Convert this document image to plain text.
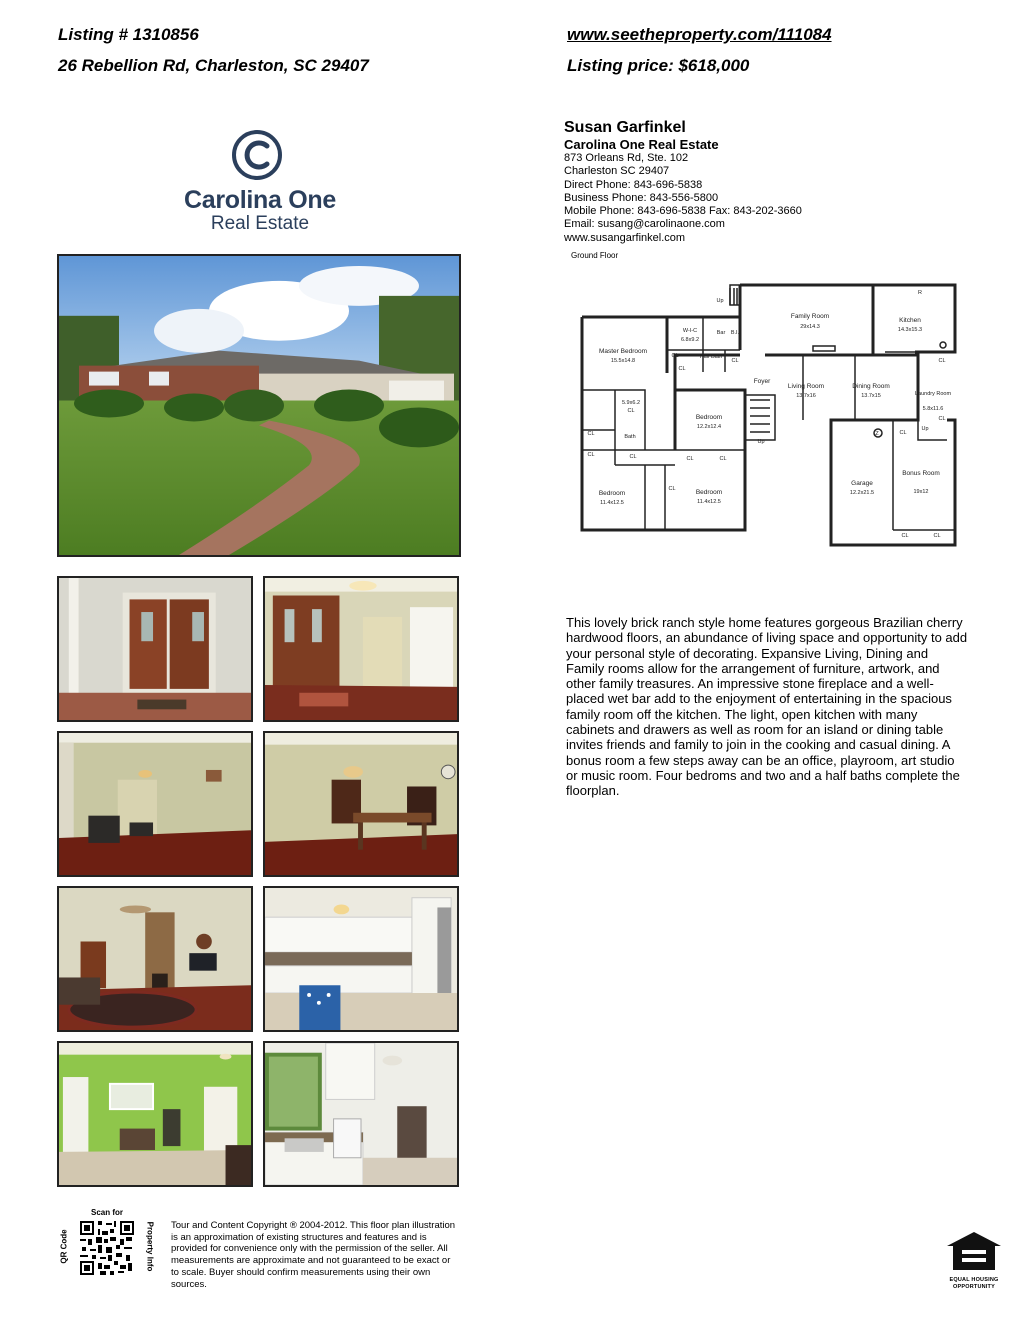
Listing # 1310856
26 Rebellion Rd, Charleston, SC 29407
www.seetheproperty.com/111084
Listing price: $618,000
Carolina One
Real Estate
Susan Garfinkel
Carolina One Real Estate
873 Orleans Rd, Ste. 102
Charleston SC 29407
Direct Phone: 843-696-5838
Business Phone: 843-556-5800
Mobile Phone: 843-696-5838 Fax: 843-202-3660
Email: susang@carolinaone.com
www.susangarfinkel.com
Ground Floor
Family Room
29x14.3
Kitchen
14.3x15.3
W-I-C
6.8x9.2
Bar B.I.
Master Bedroom
15.5x14.8
Half Bath
Foyer
Living Room
13.7x16
Dining Room
13.7x15	Laundry Room
5.8x11.6
5.9x6.2
CL
Bath
Bedroom
12.2x12.4
Bedroom
11.4x12.5
Bedroom
11.4x12.5
Garage
12.2x21.5
Bonus Room
19x12
CL
CL	CL
CL
CL
CL
CL	CL
CL
CL
CL
CL
CL	CL
Up
Up
Up
R
Z
This lovely brick ranch style home features gorgeous Brazilian cherry hardwood floors, an abundance of living space and opportunity to add your personal style of decorating. Expansive Living, Dining and Family rooms allow for the arrangement of furniture, artwork, and other family treasures. An impressive stone fireplace and a well-placed wet bar add to the enjoyment of entertaining in the spacious family room off the kitchen. The light, open kitchen with many cabinets and drawers as well as room for an island or dining table invites friends and family to join in the cooking and casual dining. A bonus room a few steps away can be an office, playroom, art studio or music room. Four bedroms and two and a half baths complete the floorplan.
Scan for
QR Code	Property Info Tour and Content Copyright ® 2004-2012. This floor plan illustration is an approximation of existing structures and features and is provided for convenience only with the permission of the seller. All measurements are approximate and not guaranteed to be exact or to scale. Buyer should confirm measurements using their own sources.	EQUAL HOUSING
OPPORTUNITY
